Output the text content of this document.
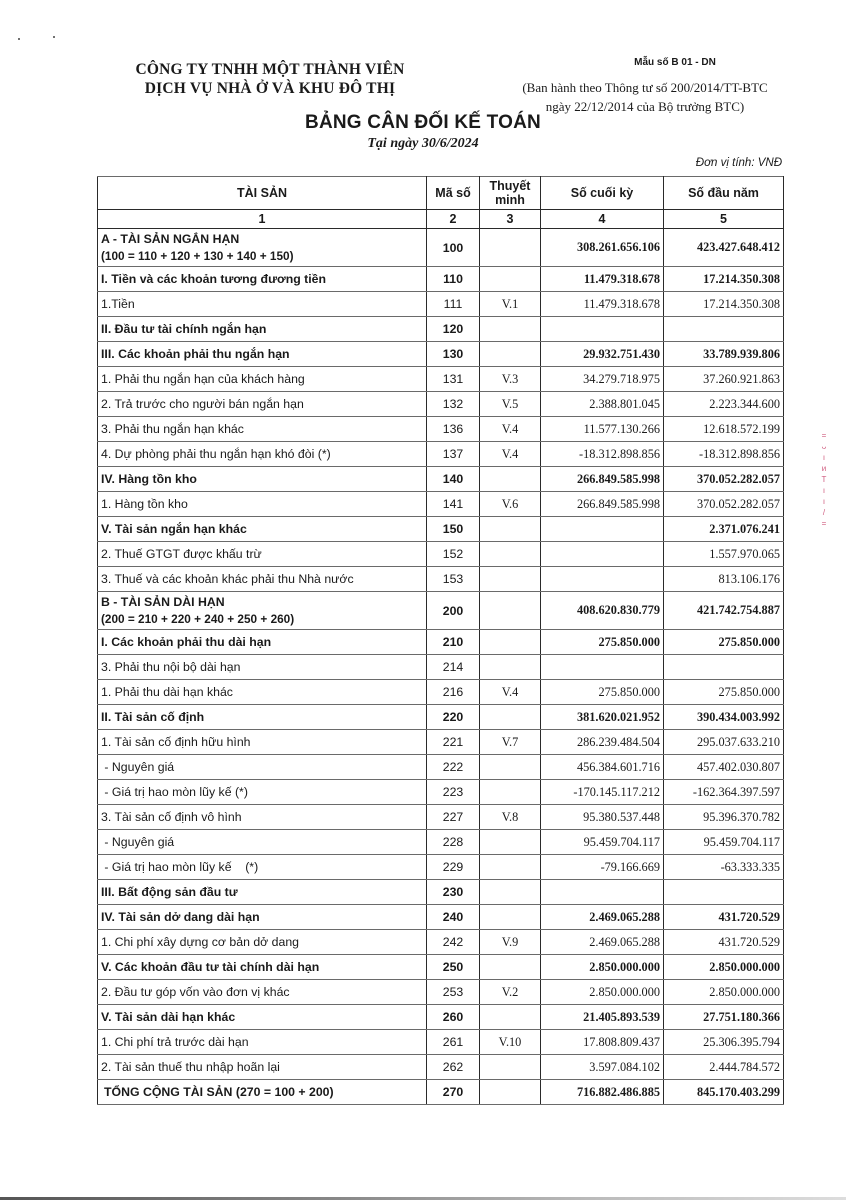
CÔNG TY TNHH MỘT THÀNH VIÊN
DỊCH VỤ NHÀ Ở VÀ KHU ĐÔ THỊ
Mẫu số B 01 - DN
(Ban hành theo Thông tư số 200/2014/TT-BTC
ngày 22/12/2014 của Bộ trưởng BTC)
BẢNG CÂN ĐỐI KẾ TOÁN
Tại ngày 30/6/2024
Đơn vị tính: VNĐ
TÀI SẢN	Mã số	Thuyết minh	Số cuối kỳ	Số đầu năm
1	2	3	4	5

A - TÀI SẢN NGẮN HẠN
(100 = 110 + 120 + 130 + 140 + 150)	100		308.261.656.106	423.427.648.412
I. Tiền và các khoản tương đương tiền	110		11.479.318.678	17.214.350.308
1.Tiền	111	V.1	11.479.318.678	17.214.350.308
II. Đầu tư tài chính ngắn hạn	120			
III. Các khoản phải thu ngắn hạn	130		29.932.751.430	33.789.939.806
1. Phải thu ngắn hạn của khách hàng	131	V.3	34.279.718.975	37.260.921.863
2. Trả trước cho người bán ngắn hạn	132	V.5	2.388.801.045	2.223.344.600
3. Phải thu ngắn hạn khác	136	V.4	11.577.130.266	12.618.572.199
4. Dự phòng phải thu ngắn hạn khó đòi (*)	137	V.4	-18.312.898.856	-18.312.898.856
IV. Hàng tồn kho	140		266.849.585.998	370.052.282.057
1. Hàng tồn kho	141	V.6	266.849.585.998	370.052.282.057
V. Tài sản ngắn hạn khác	150			2.371.076.241
2. Thuế GTGT được khấu trừ	152			1.557.970.065
3. Thuế và các khoản khác phải thu Nhà nước	153			813.106.176

B - TÀI SẢN DÀI HẠN
(200 = 210 + 220 + 240 + 250 + 260)	200		408.620.830.779	421.742.754.887
I. Các khoản phải thu dài hạn	210		275.850.000	275.850.000
3. Phải thu nội bộ dài hạn	214			
1. Phải thu dài hạn khác	216	V.4	275.850.000	275.850.000
II. Tài sản cố định	220		381.620.021.952	390.434.003.992
1. Tài sản cố định hữu hình	221	V.7	286.239.484.504	295.037.633.210
- Nguyên giá	222		456.384.601.716	457.402.030.807
- Giá trị hao mòn lũy kế (*)	223		-170.145.117.212	-162.364.397.597
3. Tài sản cố định vô hình	227	V.8	95.380.537.448	95.396.370.782
- Nguyên giá	228		95.459.704.117	95.459.704.117
- Giá trị hao mòn lũy kế    (*)	229		-79.166.669	-63.333.335
III. Bất động sản đầu tư	230			
IV. Tài sản dở dang dài hạn	240		2.469.065.288	431.720.529
1. Chi phí xây dựng cơ bản dở dang	242	V.9	2.469.065.288	431.720.529
V. Các khoản đầu tư tài chính dài hạn	250		2.850.000.000	2.850.000.000
2. Đầu tư góp vốn vào đơn vị khác	253	V.2	2.850.000.000	2.850.000.000
V. Tài sản dài hạn khác	260		21.405.893.539	27.751.180.366
1. Chi phí trả trước dài hạn	261	V.10	17.808.809.437	25.306.395.794
2. Tài sản thuế thu nhập hoãn lại	262		3.597.084.102	2.444.784.572
TỔNG CỘNG TÀI SẢN (270 = 100 + 200)	270		716.882.486.885	845.170.403.299
=
ᴗ
ı
ᴎ
T
ı
ı
/
=
